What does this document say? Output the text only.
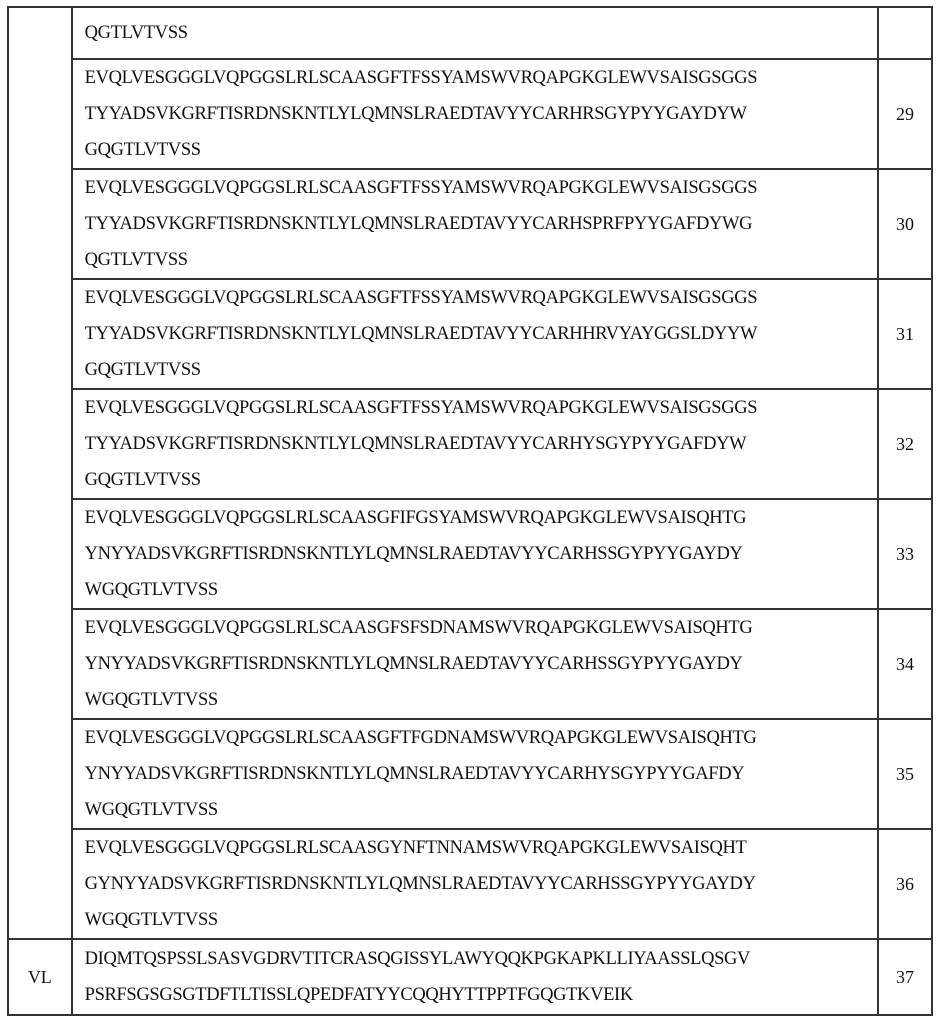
QGTLVTVSS

EVQLVESGGGLVQPGGSLRLSCAASGFTFSSYAMSWVRQAPGKGLEWVSAISGSGGS
TYYADSVKGRFTISRDNSKNTLYLQMNSLRAEDTAVYYCARHRSGYPYYGAYDYW
GQGTLVTVSS
	29

EVQLVESGGGLVQPGGSLRLSCAASGFTFSSYAMSWVRQAPGKGLEWVSAISGSGGS
TYYADSVKGRFTISRDNSKNTLYLQMNSLRAEDTAVYYCARHSPRFPYYGAFDYWG
QGTLVTVSS
	30

EVQLVESGGGLVQPGGSLRLSCAASGFTFSSYAMSWVRQAPGKGLEWVSAISGSGGS
TYYADSVKGRFTISRDNSKNTLYLQMNSLRAEDTAVYYCARHHRVYAYGGSLDYYW
GQGTLVTVSS
	31

EVQLVESGGGLVQPGGSLRLSCAASGFTFSSYAMSWVRQAPGKGLEWVSAISGSGGS
TYYADSVKGRFTISRDNSKNTLYLQMNSLRAEDTAVYYCARHYSGYPYYGAFDYW
GQGTLVTVSS
	32

EVQLVESGGGLVQPGGSLRLSCAASGFIFGSYAMSWVRQAPGKGLEWVSAISQHTG
YNYYADSVKGRFTISRDNSKNTLYLQMNSLRAEDTAVYYCARHSSGYPYYGAYDY
WGQGTLVTVSS
	33

EVQLVESGGGLVQPGGSLRLSCAASGFSFSDNAMSWVRQAPGKGLEWVSAISQHTG
YNYYADSVKGRFTISRDNSKNTLYLQMNSLRAEDTAVYYCARHSSGYPYYGAYDY
WGQGTLVTVSS
	34

EVQLVESGGGLVQPGGSLRLSCAASGFTFGDNAMSWVRQAPGKGLEWVSAISQHTG
YNYYADSVKGRFTISRDNSKNTLYLQMNSLRAEDTAVYYCARHYSGYPYYGAFDY
WGQGTLVTVSS
	35

EVQLVESGGGLVQPGGSLRLSCAASGYNFTNNAMSWVRQAPGKGLEWVSAISQHT
GYNYYADSVKGRFTISRDNSKNTLYLQMNSLRAEDTAVYYCARHSSGYPYYGAYDY
WGQGTLVTVSS
	36
VL	
DIQMTQSPSSLSASVGDRVTITCRASQGISSYLAWYQQKPGKAPKLLIYAASSLQSGV
PSRFSGSGSGTDFTLTISSLQPEDFATYYCQQHYTTPPTFGQGTKVEIK
	37
